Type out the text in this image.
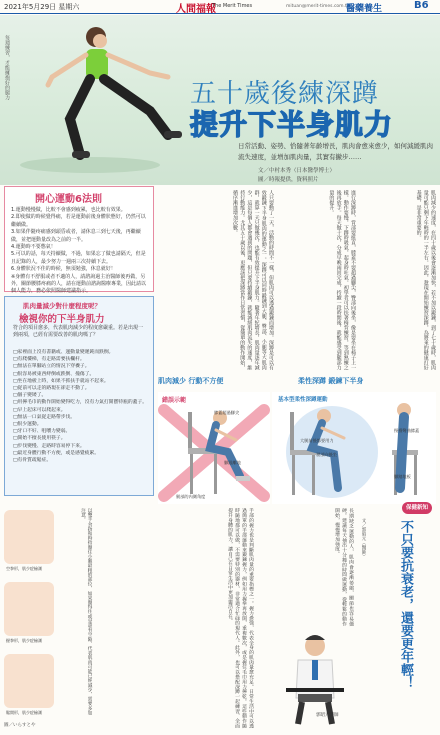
2021年5月29日 星期六	人間福報
The Merit Times	mituan@merit-times.com.tw
醫藥養生	B6
每週練習，才能擁抱好的腿力	五十歲後練深蹲
提升下半身肌力
日常活動、姿勢、恰隨著年齡增長，肌肉會愈來愈少，如何減緩肌肉流失速度，並增加肌肉量，其實有撇步……
文／中村本秀（日本醫學博士）
圖／時報提供，資料照片
開心運動6法則
1.運動慢慢做，比較不會感到疲累，也比較有效果。
2.即使做的時候覺得痛，若是運動前後身體狀態好，仍然可以繼續做。
3.如果伴隨疼痛感到頭昏或者，請休息三到七天後，再繼續做，並把運動量改為之前的一半。
4.運動時不要憋氣！
5.可以的話，每天持續做，不過，如果忘了做也請隔天，但是且記錄的人，最少努力一週兩三次持續下去。
6.身體狀況不佳的時候，無須勉強，休息就好！
※身體有不舒服或者不適的人，請諮詢過主治醫師後再做，另外，關節腰膝疼痛的人，請在運動前諮詢醫療專業，因此請以個人能力，務必依照醫師建議指示。
肌肉量減少對什麼程度呢？
檢視你的下半身肌力
符合的項目愈多，代表肌肉減少的程度愈嚴重。若是出現一到兩項，已經有需要改善的肌肉嗎了？
□家裡面上沒有書籍或、運動量變遲鈍而跌倒。
□有爬樓梯，有走路需要扶欄杆。
□無法在單腳站立的情況下穿襪子。
□很容易被東西絆倒或跌倒、撞傷了。
□坐在地板上時，如果不抓扶手就站不起來。
□從前可以走的路現在卻走不動了。
□個子變矮了。
□用擰毛巾的動作開始變得吃力，沒有力氣打開寶特瓶的蓋子。
□早上起床可以爬起來。
□無法一口氣從走路帶步伐。
□很少運動。
□牙口不好、咀嚼力變弱。
□開始不擅長使用筷子。
□步伐變慢、走路時容易停下來。
□最近身體行動不方便，或是感覺疲累。
□有骨質疏鬆症。
人只要動了一天，活動的時間不一樣，但肌肉可以透過鍛鍊而增加。深蹲是可以有效鍛鍊下半身肌肉的運動之一。深蹲可以同時鍛鍊到大腿、臀部、小腿等大肌肉群，就算一天只做幾次，也能有效提升下半身肌力。隨著年紀增長，肌肉量逐年減少，這是每個人都會遇到的問題，但只要持續鍛鍊，就能減緩肌肉流失的速度，維持行動能力。尤其五十歲以後，更應該把深蹲當作日常習慣，從簡單的動作開始，循序漸進增加次數。	進行深蹲時，背部要挺直，膝蓋不要超過腳尖，臀部向後坐，像是要坐在椅子上一樣。動作要慢，下蹲時吸氣，起身時吐氣。初學者可以扶著椅背練習，等到熟練之後再放手。每天做十次，分成早晚兩回完成，持續一段時間後，就能感受到腿部力量的提升。	肌肉減少的速度，在四十歲以後會逐漸加快，若不加以鍛鍊，到了七十歲時，肌肉量可能只剩下年輕時的一半左右。因此，趁現在開始練習深蹲，為將來的健康打好基礎，是非常重要的。
肌肉減少 行動不方便	柔性深蹲 鍛鍊下半身
錯誤示範
膝蓋超過腳尖
腳跟離地
腿部的內側角度
基本型柔性深蹲運動
大腿前後都要用力
腰部向後坐
慢慢彎曲膝蓋
腳踏地板
空拳形，肌少症檢測
握拳形，肌少症檢測
鬆開形，肌少症檢測	以雙手食指和拇指圈住小腿最粗的部位，如果圈得住或是還有空隙，代表肌肉可能已經減少，需要多加注意。
圖／いらすとや	手部的握力也是判斷肌肉量的重要指標之一。握力愈強，代表全身的肌肉量愈充足。日常生活中可以透過簡單的手部運動來鍛鍊握力，例如用力握拳再放開，重複數次，或是握住毛巾用力擰乾。這些動作隨時隨地都可以做，不需要特別的器材，非常適合忙碌的現代人。此外，也可以搭配深蹲一起練習，全面提升身體的肌力，讓自己在日常生活中更加靈活自在。	長期缺乏運動的人，肌肉會逐漸萎縮，關節也容易僵硬。建議每天抽出十分鐘的時間做運動，從輕鬆的動作開始，慢慢增加強度。	保健新知
不只要抗衰老，還要更年輕！
文／郭昭元（醫師）
郭昭元醫師
